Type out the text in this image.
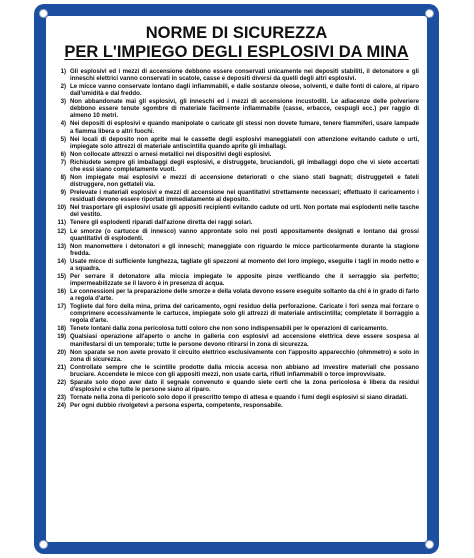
NORME DI SICUREZZA
PER L'IMPIEGO DEGLI ESPLOSIVI DA MINA
1) Gli esplosivi ed i mezzi di accensione debbono essere conservati unicamente nei depositi stabiliti, il detonatore e gli inneschi elettrici vanno conservati in scatole, casse e depositi diversi da quelli degli altri esplosivi.
2) Le micce vanno conservate lontano dagli infiammabili, e dalle sostanze oleose, solventi, e dalle fonti di calore, al riparo dall'umidità e dal freddo.
3) Non abbandonate mai gli esplosivi, gli inneschi ed i mezzi di accensione incustoditi. Le adiacenze delle polveriere debbono essere tenute sgombre di materiale facilmente infiammabile (casse, erbacce, cespugli ecc.) per raggio di almeno 10 metri.
4) Nei depositi di esplosivi e quando manipolate o caricate gli stessi non dovete fumare, tenere fiammiferi, usare lampade a fiamma libera o altri fuochi.
5) Nei locali di deposito non aprite mai le cassette degli esplosivi maneggiateli con attenzione evitando cadute o urti, impiegate solo attrezzi di materiale antiscintilla quando aprite gli imballagi.
6) Non collocate attrezzi o arnesi metallici nei dispositivi degli esplosivi.
7) Richiudete sempre gli imballaggi degli esplosivi, e distruggete, bruciandoli, gli imballaggi dopo che vi siete accertati che essi siano completamente vuoti.
8) Non impiegate mai esplosivi e mezzi di accensione deteriorati o che siano stati bagnati; distruggeteli e fateli distruggere, non gettateli via.
9) Prelevate i materiali esplosivi e mezzi di accensione nei quantitativi strettamente necessari; effettuato il caricamento i residuati devono essere riportati immediatamente al deposito.
10) Nel trasportare gli esplosivi usate gli appositi recipienti evitando cadute od urti. Non portate mai esplodenti nelle tasche del vestito.
11) Tenere gli esplodenti riparati dall'azione diretta dei raggi solari.
12) Le smorze (o cartucce di innesco) vanno approntate solo nei posti appositamente designati e lontano dai grossi quantitativi di esplodenti.
13) Non manomettere i detonatori e gli inneschi; maneggiate con riguardo le micce particolarmente durante la stagione fredda.
14) Usate micce di sufficiente lunghezza, tagliate gli spezzoni al momento del loro impiego, eseguite i tagli in modo netto e a squadra.
15) Per serrare il detonatore alla miccia impiegate le apposite pinze verificando che il serraggio sia perfetto; impermeabilizzate se il lavoro è in presenza di acqua.
16) Le connessioni per la preparazione delle smorze e della volata devono essere eseguite soltanto da chi è in grado di farlo a regola d'arte.
17) Togliete dal foro della mina, prima del caricamento, ogni residuo della perforazione. Caricate i fori senza mai forzare o comprimere eccessivamente le cartucce, impiegate solo gli attrezzi di materiale antiscintilla; completate il borraggio a regola d'arte.
18) Tenete lontani dalla zona pericolosa tutti coloro che non sono indispensabili per le operazioni di caricamento.
19) Qualsiasi operazione all'aperto o anche in galleria con esplosivi ad accensione elettrica deve essere sospesa al manifestarsi di un temporale; tutte le persone devono ritirarsi in zona di sicurezza.
20) Non sparate se non avete provato il circuito elettrico esclusivamente con l'apposito apparecchio (ohmmetro) e solo in zona di sicurezza.
21) Controllate sempre che le scintille prodotte dalla miccia accesa non abbiano ad investire materiali che possano bruciare. Accendete le micce con gli appositi mezzi, non usate carta, rifiuti infiammabili o torce improvvisate.
22) Sparate solo dopo aver dato il segnale convenuto e quando siete certi che la zona pericolosa è libera da residui d'esplosivi e che tutte le persone siano al riparo.
23) Tornate nella zona di pericolo solo dopo il prescritto tempo di attesa e quando i fumi degli esplosivi si siano diradati.
24) Per ogni dubbio rivolgetevi a persona esperta, competente, responsabile.
